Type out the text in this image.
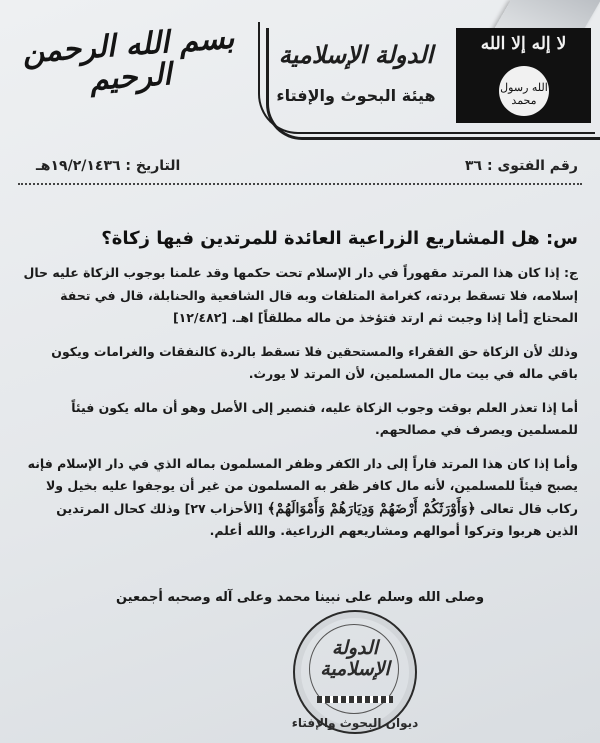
لا إله إلا الله
الله رسول محمد
الدولة الإسلامية
هيئة البحوث والإفتاء
بسم الله الرحمن الرحيم
رقم الفتوى : ٣٦
التاريخ : ١٩/٢/١٤٣٦هـ
س: هل المشاريع الزراعية العائدة للمرتدين فيها زكاة؟

ج: إذا كان هذا المرتد مقهوراً في دار الإسلام تحت حكمها وقد علمنا بوجوب الزكاة عليه حال إسلامه، فلا تسقط بردته، كغرامة المتلفات وبه قال الشافعية والحنابلة، قال في تحفة المحتاج [أما إذا وجبت ثم ارتد فتؤخذ من ماله مطلقاً] اهـ. [١٢/٤٨٢]

وذلك لأن الزكاة حق الفقراء والمستحقين فلا تسقط بالردة كالنفقات والغرامات ويكون باقي ماله في بيت مال المسلمين، لأن المرتد لا يورث.

أما إذا تعذر العلم بوقت وجوب الزكاة عليه، فنصير إلى الأصل وهو أن ماله يكون فيئاً للمسلمين ويصرف في مصالحهم.

وأما إذا كان هذا المرتد فاراً إلى دار الكفر وظفر المسلمون بماله الذي في دار الإسلام فإنه يصبح فيئاً للمسلمين، لأنه مال كافر ظفر به المسلمون من غير أن يوجفوا عليه بخيل ولا ركاب قال تعالى ﴿وَأَوْرَثَكُمْ أَرْضَهُمْ وَدِيَارَهُمْ وَأَمْوَالَهُمْ﴾ [الأحزاب ٢٧] وذلك كحال المرتدين الذين هربوا وتركوا أموالهم ومشاريعهم الزراعية. والله أعلم.

وصلى الله وسلم على نبينا محمد وعلى آله وصحبه أجمعين
الدولة الإسلامية
ديوان البحوث والإفتاء
